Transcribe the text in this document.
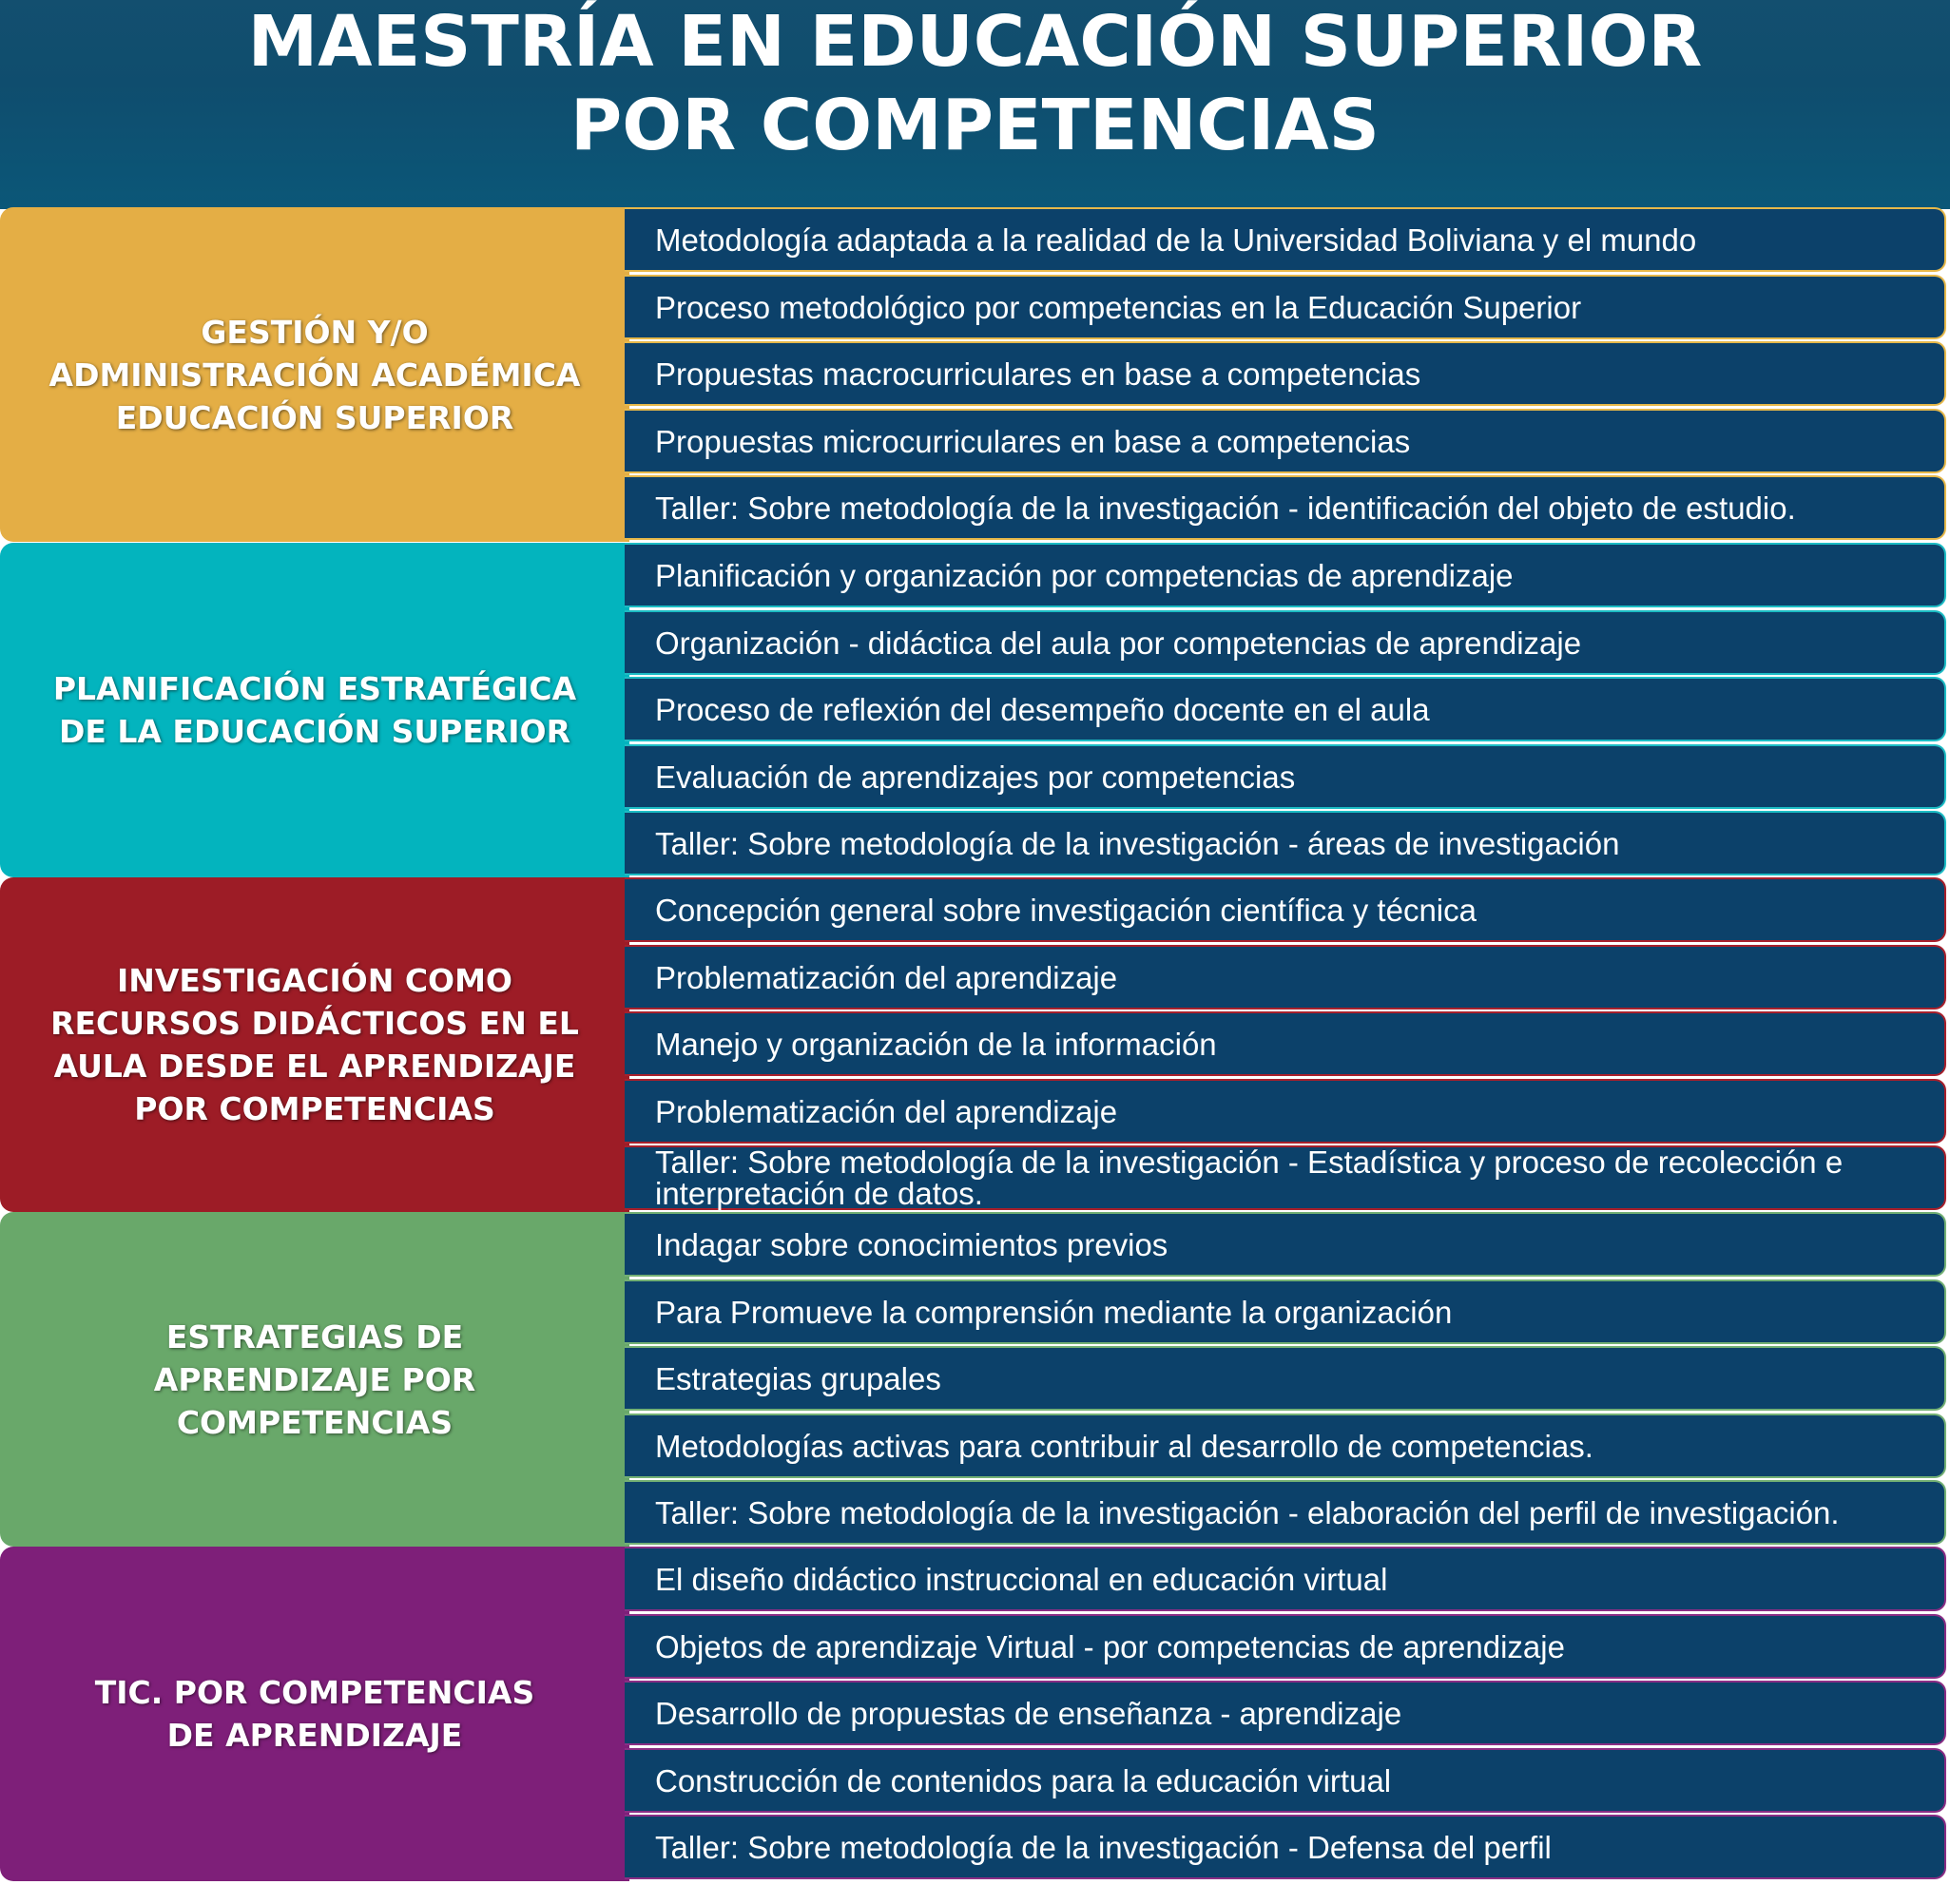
MAESTRÍA EN EDUCACIÓN SUPERIOR
POR COMPETENCIAS
GESTIÓN Y/O
ADMINISTRACIÓN ACADÉMICA
EDUCACIÓN SUPERIOR
Metodología adaptada a la realidad de la Universidad Boliviana y el mundo
Proceso metodológico por competencias en la Educación Superior
Propuestas macrocurriculares en base a competencias
Propuestas microcurriculares en base a competencias
Taller: Sobre metodología de la investigación - identificación del objeto de estudio.
PLANIFICACIÓN ESTRATÉGICA
DE LA EDUCACIÓN SUPERIOR
Planificación y organización por competencias de aprendizaje
Organización - didáctica del aula por competencias de aprendizaje
Proceso de reflexión del desempeño docente en el aula
Evaluación de aprendizajes por competencias
Taller: Sobre metodología de la investigación - áreas de investigación
INVESTIGACIÓN COMO
RECURSOS DIDÁCTICOS EN EL
AULA DESDE EL APRENDIZAJE
POR COMPETENCIAS
Concepción general sobre investigación científica y técnica
Problematización del aprendizaje
Manejo y organización de la información
Problematización del aprendizaje
Taller: Sobre metodología de la investigación - Estadística y proceso de recolección e interpretación de datos.
ESTRATEGIAS DE
APRENDIZAJE POR
COMPETENCIAS
Indagar sobre conocimientos previos
Para Promueve la comprensión mediante la organización
Estrategias grupales
Metodologías activas para contribuir al desarrollo de competencias.
Taller: Sobre metodología de la investigación - elaboración del perfil de investigación.
TIC. POR COMPETENCIAS
DE APRENDIZAJE
El diseño didáctico instruccional en educación virtual
Objetos de aprendizaje Virtual - por competencias de aprendizaje
Desarrollo de propuestas de enseñanza - aprendizaje
Construcción de contenidos para la educación virtual
Taller: Sobre metodología de la investigación - Defensa del perfil
